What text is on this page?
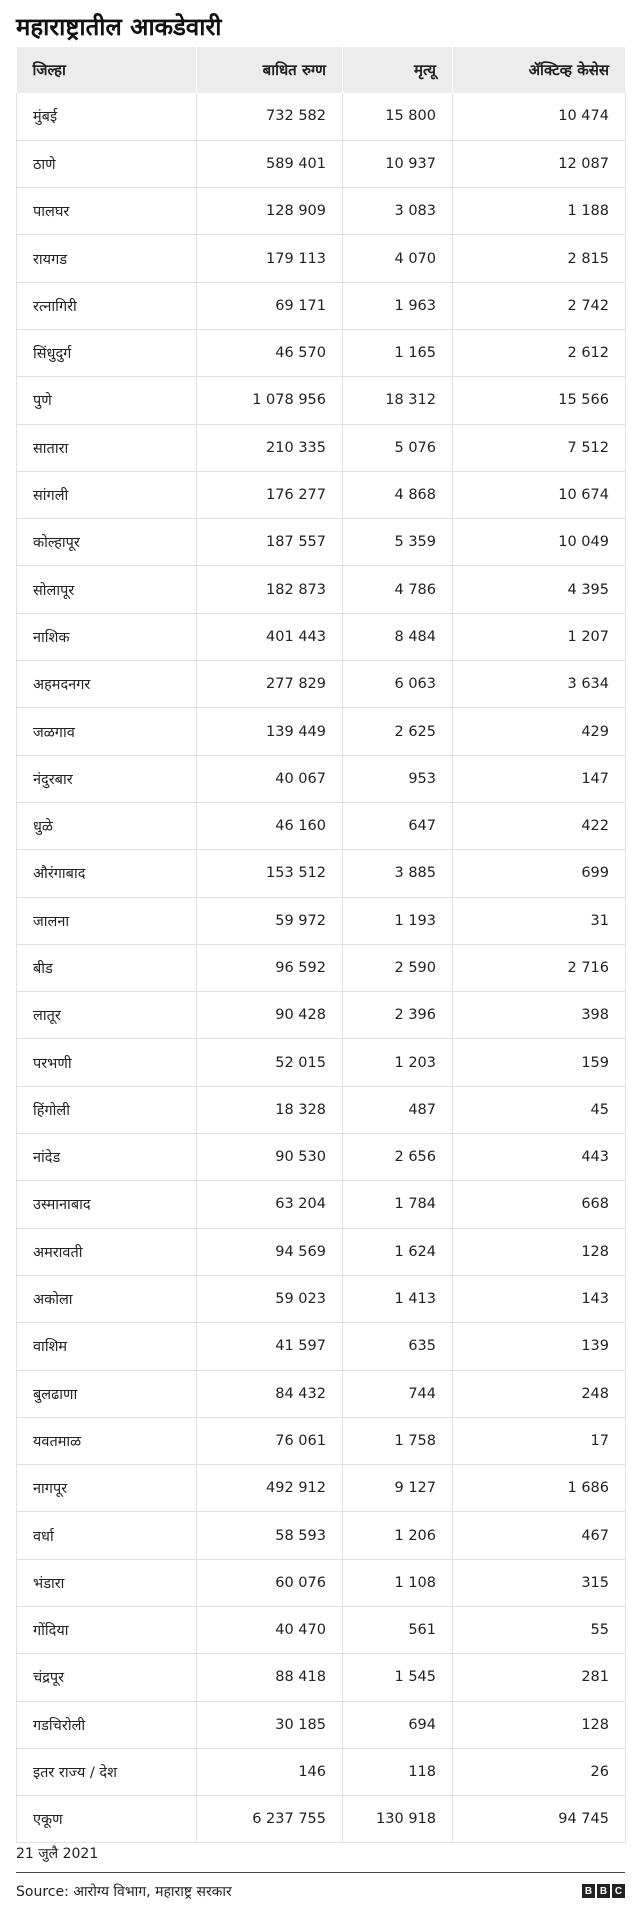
महाराष्ट्रातील आकडेवारी
जिल्हा	बाधित रुग्ण	मृत्यू	ॲक्टिव्ह केसेस
मुंबई	732 582	15 800	10 474
ठाणे	589 401	10 937	12 087
पालघर	128 909	3 083	1 188
रायगड	179 113	4 070	2 815
रत्नागिरी	69 171	1 963	2 742
सिंधुदुर्ग	46 570	1 165	2 612
पुणे	1 078 956	18 312	15 566
सातारा	210 335	5 076	7 512
सांगली	176 277	4 868	10 674
कोल्हापूर	187 557	5 359	10 049
सोलापूर	182 873	4 786	4 395
नाशिक	401 443	8 484	1 207
अहमदनगर	277 829	6 063	3 634
जळगाव	139 449	2 625	429
नंदुरबार	40 067	953	147
धुळे	46 160	647	422
औरंगाबाद	153 512	3 885	699
जालना	59 972	1 193	31
बीड	96 592	2 590	2 716
लातूर	90 428	2 396	398
परभणी	52 015	1 203	159
हिंगोली	18 328	487	45
नांदेड	90 530	2 656	443
उस्मानाबाद	63 204	1 784	668
अमरावती	94 569	1 624	128
अकोला	59 023	1 413	143
वाशिम	41 597	635	139
बुलढाणा	84 432	744	248
यवतमाळ	76 061	1 758	17
नागपूर	492 912	9 127	1 686
वर्धा	58 593	1 206	467
भंडारा	60 076	1 108	315
गोंदिया	40 470	561	55
चंद्रपूर	88 418	1 545	281
गडचिरोली	30 185	694	128
इतर राज्य / देश	146	118	26
एकूण	6 237 755	130 918	94 745
21 जुलै 2021
Source: आरोग्य विभाग, महाराष्ट्र सरकार	B B C
